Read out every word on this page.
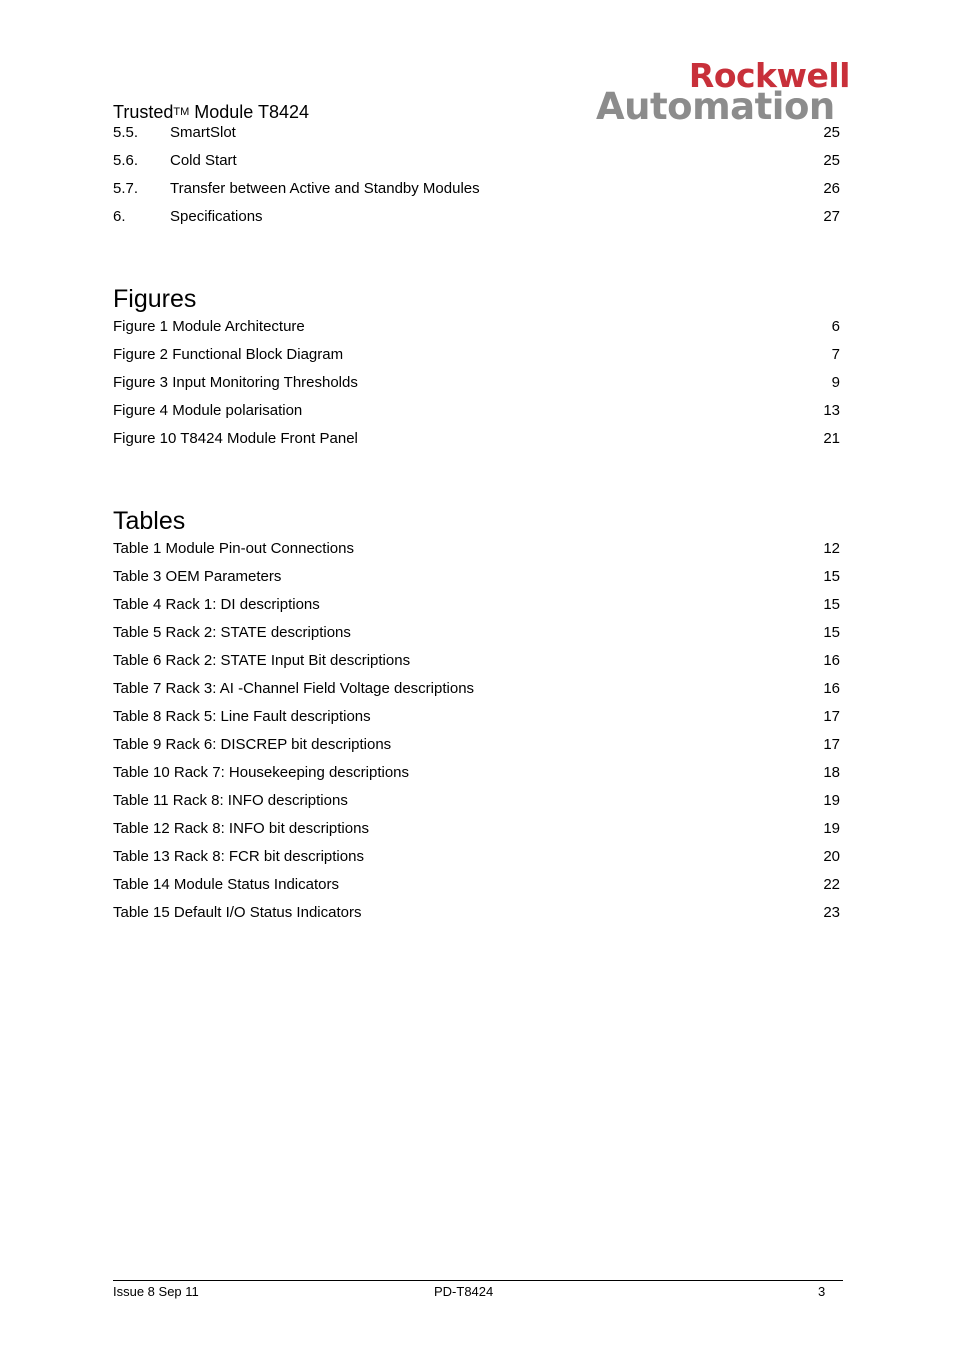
Trusted™ Module T8424
Rockwell
Automation
5.5.	SmartSlot	25
5.6.	Cold Start	25
5.7.	Transfer between Active and Standby Modules	26
6.	Specifications	27
Figures
Figure 1 Module Architecture	6
Figure 2 Functional Block Diagram	7
Figure 3 Input Monitoring Thresholds	9
Figure 4 Module polarisation	13
Figure 10 T8424 Module Front Panel	21
Tables
Table 1 Module Pin-out Connections	12
Table 3 OEM Parameters	15
Table 4 Rack 1: DI descriptions	15
Table 5 Rack 2: STATE descriptions	15
Table 6 Rack 2: STATE Input Bit descriptions	16
Table 7 Rack 3: AI -Channel Field Voltage descriptions	16
Table 8 Rack 5: Line Fault descriptions	17
Table 9 Rack 6: DISCREP bit descriptions	17
Table 10 Rack 7: Housekeeping descriptions	18
Table 11 Rack 8: INFO descriptions	19
Table 12 Rack 8: INFO bit descriptions	19
Table 13 Rack 8: FCR bit descriptions	20
Table 14 Module Status Indicators	22
Table 15 Default I/O Status Indicators	23
Issue 8 Sep 11	PD-T8424	3
